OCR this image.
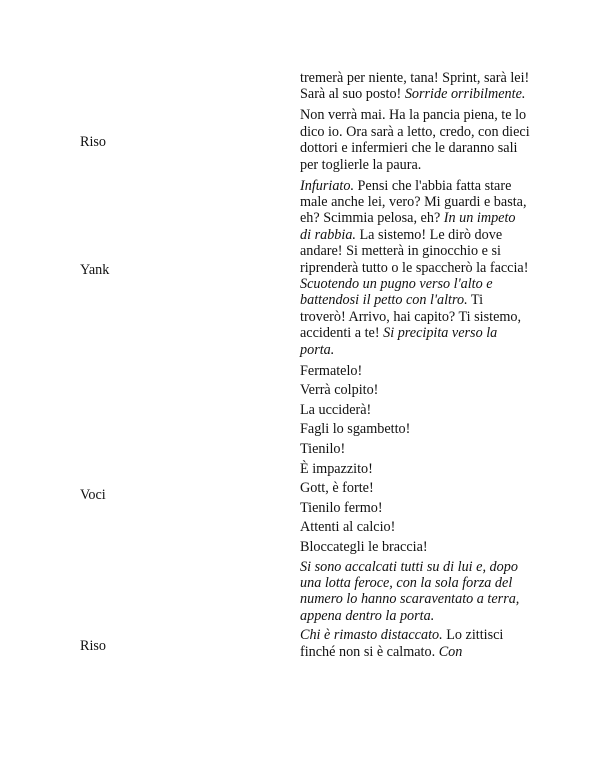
	tremerà per niente, tana! Sprint, sarà lei! Sarà al suo posto! Sorride orribilmente.
Riso	Non verrà mai. Ha la pancia piena, te lo dico io. Ora sarà a letto, credo, con dieci dottori e infermieri che le daranno sali per toglierle la paura.
Yank	Infuriato. Pensi che l'abbia fatta stare male anche lei, vero? Mi guardi e basta, eh? Scimmia pelosa, eh? In un impeto di rabbia. La sistemo! Le dirò dove andare! Si metterà in ginocchio e si riprenderà tutto o le spaccherò la faccia! Scuotendo un pugno verso l'alto e battendosi il petto con l'altro. Ti troverò! Arrivo, hai capito? Ti sistemo, accidenti a te! Si precipita verso la porta.
Voci	Fermatelo!
	Verrà colpito!
	La ucciderà!
	Fagli lo sgambetto!
	Tienilo!
	È impazzito!
	Gott, è forte!
	Tienilo fermo!
	Attenti al calcio!
	Bloccategli le braccia!
	Si sono accalcati tutti su di lui e, dopo una lotta feroce, con la sola forza del numero lo hanno scaraventato a terra, appena dentro la porta.
Riso	Chi è rimasto distaccato. Lo zittisci finché non si è calmato. Con
